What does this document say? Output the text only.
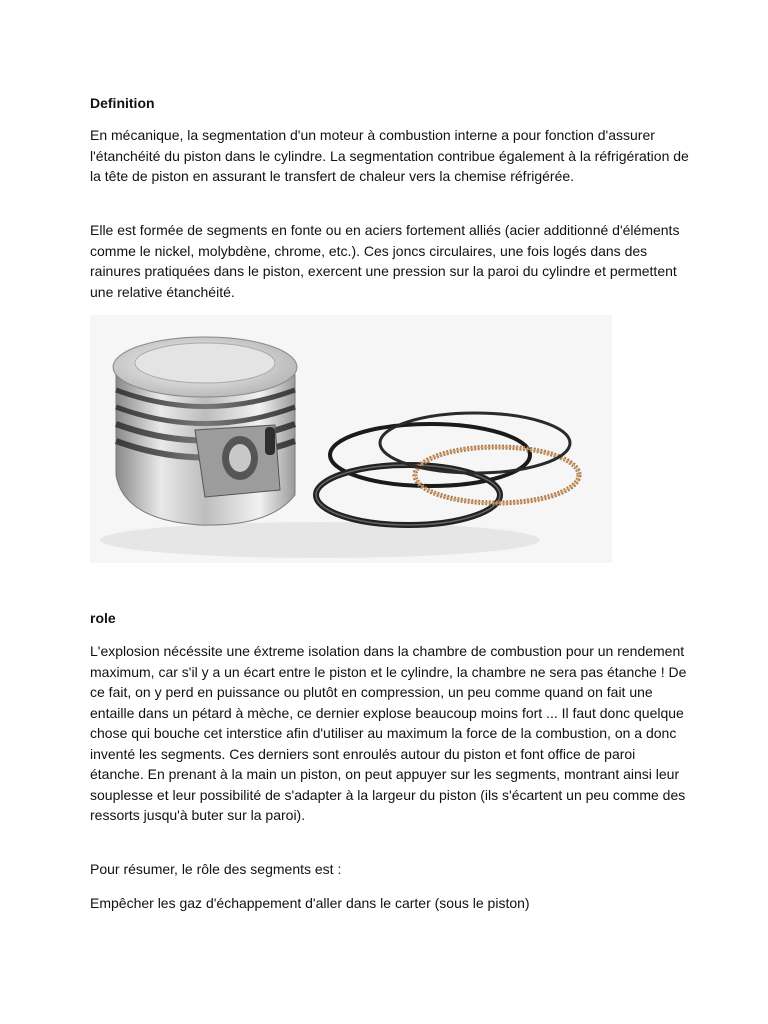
Definition

En mécanique, la segmentation d'un moteur à combustion interne a pour fonction d'assurer l'étanchéité du piston dans le cylindre. La segmentation contribue également à la réfrigération de la tête de piston en assurant le transfert de chaleur vers la chemise réfrigérée.

Elle est formée de segments en fonte ou en aciers fortement alliés (acier additionné d'éléments comme le nickel, molybdène, chrome, etc.). Ces joncs circulaires, une fois logés dans des rainures pratiquées dans le piston, exercent une pression sur la paroi du cylindre et permettent une relative étanchéité.

role

L'explosion nécéssite une éxtreme isolation dans la chambre de combustion pour un rendement maximum, car s'il y a un écart entre le piston et le cylindre, la chambre ne sera pas étanche ! De ce fait, on y perd en puissance ou plutôt en compression, un peu comme quand on fait une entaille dans un pétard à mèche, ce dernier explose beaucoup moins fort ... Il faut donc quelque chose qui bouche cet interstice afin d'utiliser au maximum la force de la combustion, on a donc inventé les segments. Ces derniers sont enroulés autour du piston et font office de paroi étanche. En prenant à la main un piston, on peut appuyer sur les segments, montrant ainsi leur souplesse et leur possibilité de s'adapter à la largeur du piston (ils s'écartent un peu comme des ressorts jusqu'à buter sur la paroi).

Pour résumer, le rôle des segments est :

Empêcher les gaz d'échappement d'aller dans le carter (sous le piston)
